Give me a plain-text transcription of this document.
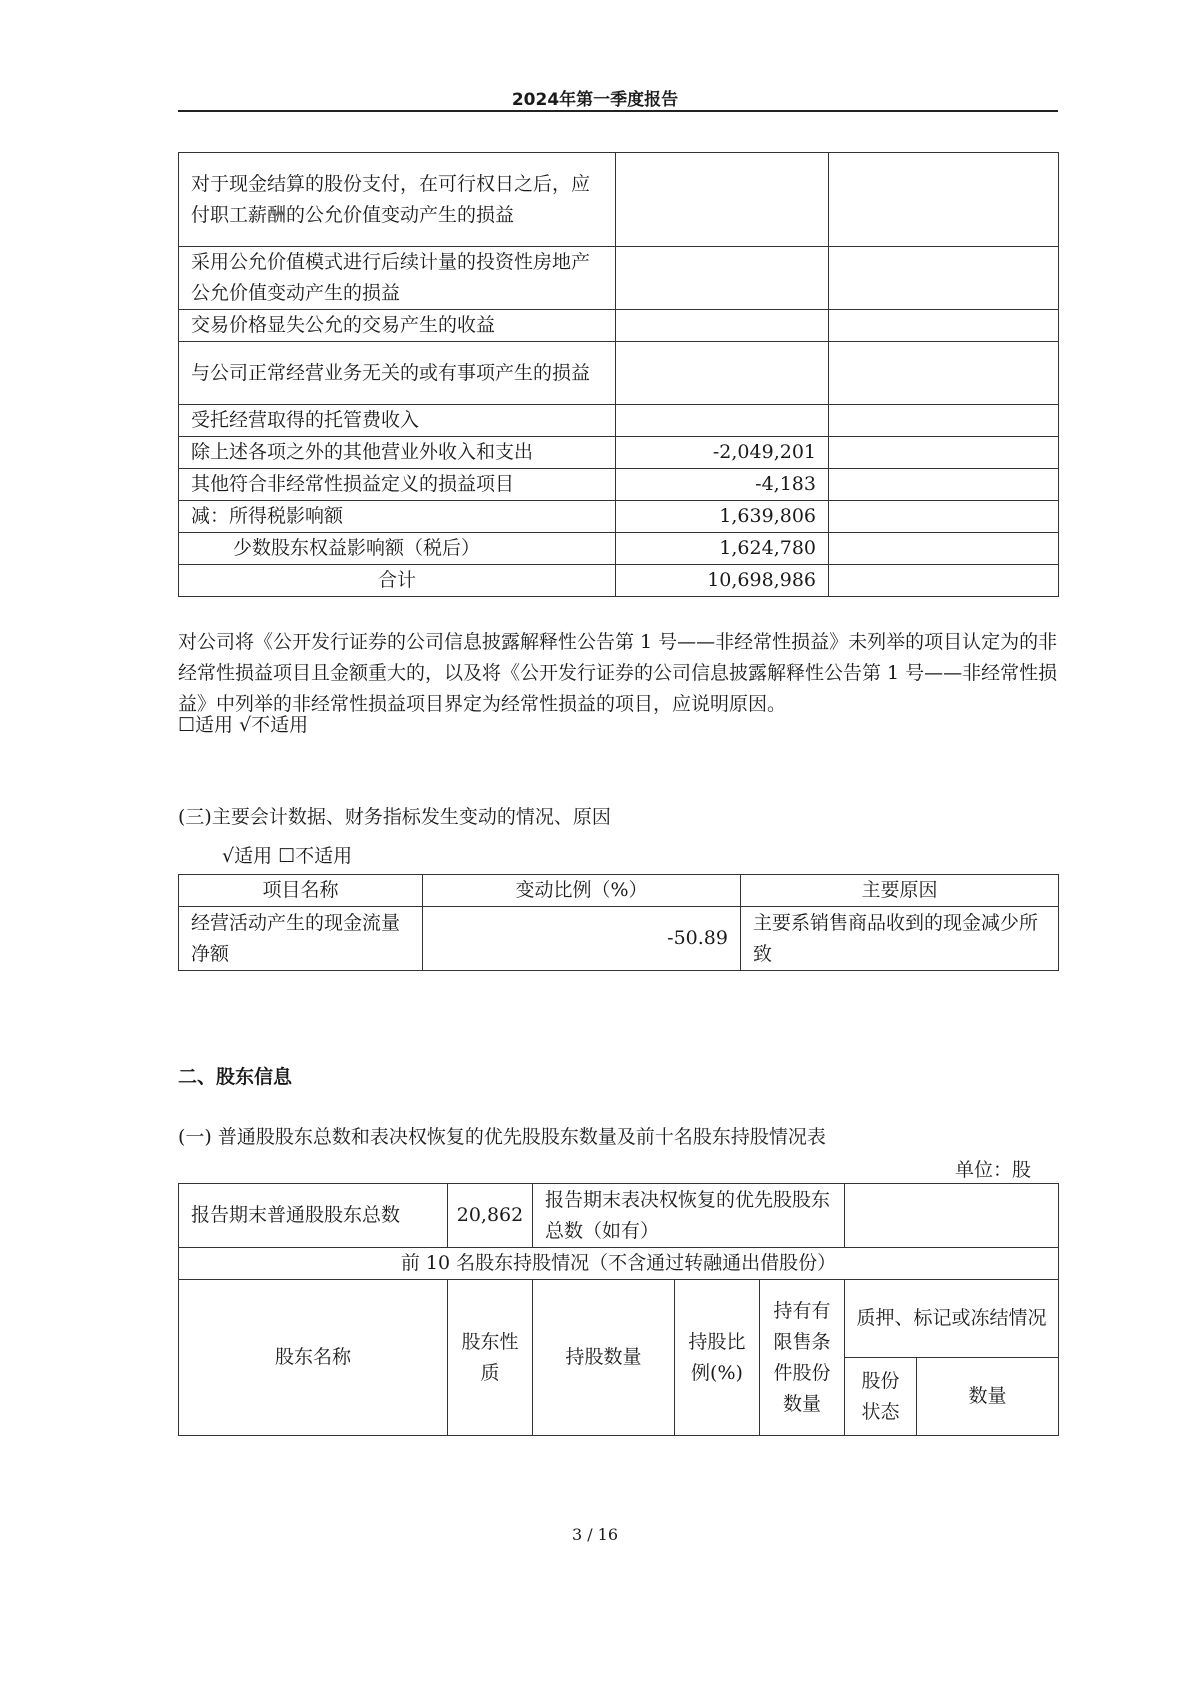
2024年第一季度报告
对于现金结算的股份支付，在可行权日之后，应付职工薪酬的公允价值变动产生的损益		
采用公允价值模式进行后续计量的投资性房地产公允价值变动产生的损益		
交易价格显失公允的交易产生的收益		
与公司正常经营业务无关的或有事项产生的损益		
受托经营取得的托管费收入		
除上述各项之外的其他营业外收入和支出	-2,049,201	
其他符合非经常性损益定义的损益项目	-4,183	
减：所得税影响额	1,639,806	
少数股东权益影响额（税后）	1,624,780	
合计	10,698,986	
对公司将《公开发行证券的公司信息披露解释性公告第 1 号——非经常性损益》未列举的项目认定为的非经常性损益项目且金额重大的，以及将《公开发行证券的公司信息披露解释性公告第 1 号——非经常性损益》中列举的非经常性损益项目界定为经常性损益的项目，应说明原因。
☐适用 √不适用
(三)主要会计数据、财务指标发生变动的情况、原因
√适用 ☐不适用
项目名称	变动比例（%）	主要原因
经营活动产生的现金流量净额	-50.89	主要系销售商品收到的现金减少所致
二、股东信息
(一) 普通股股东总数和表决权恢复的优先股股东数量及前十名股东持股情况表
单位：股
报告期末普通股股东总数	20,862	报告期末表决权恢复的优先股股东总数（如有）				
前 10 名股东持股情况（不含通过转融通出借股份）						
股东名称	股东性质	持股数量	持股比例(%)	持有有限售条件股份数量	质押、标记或冻结情况	
					股份状态	数量
3 / 16
